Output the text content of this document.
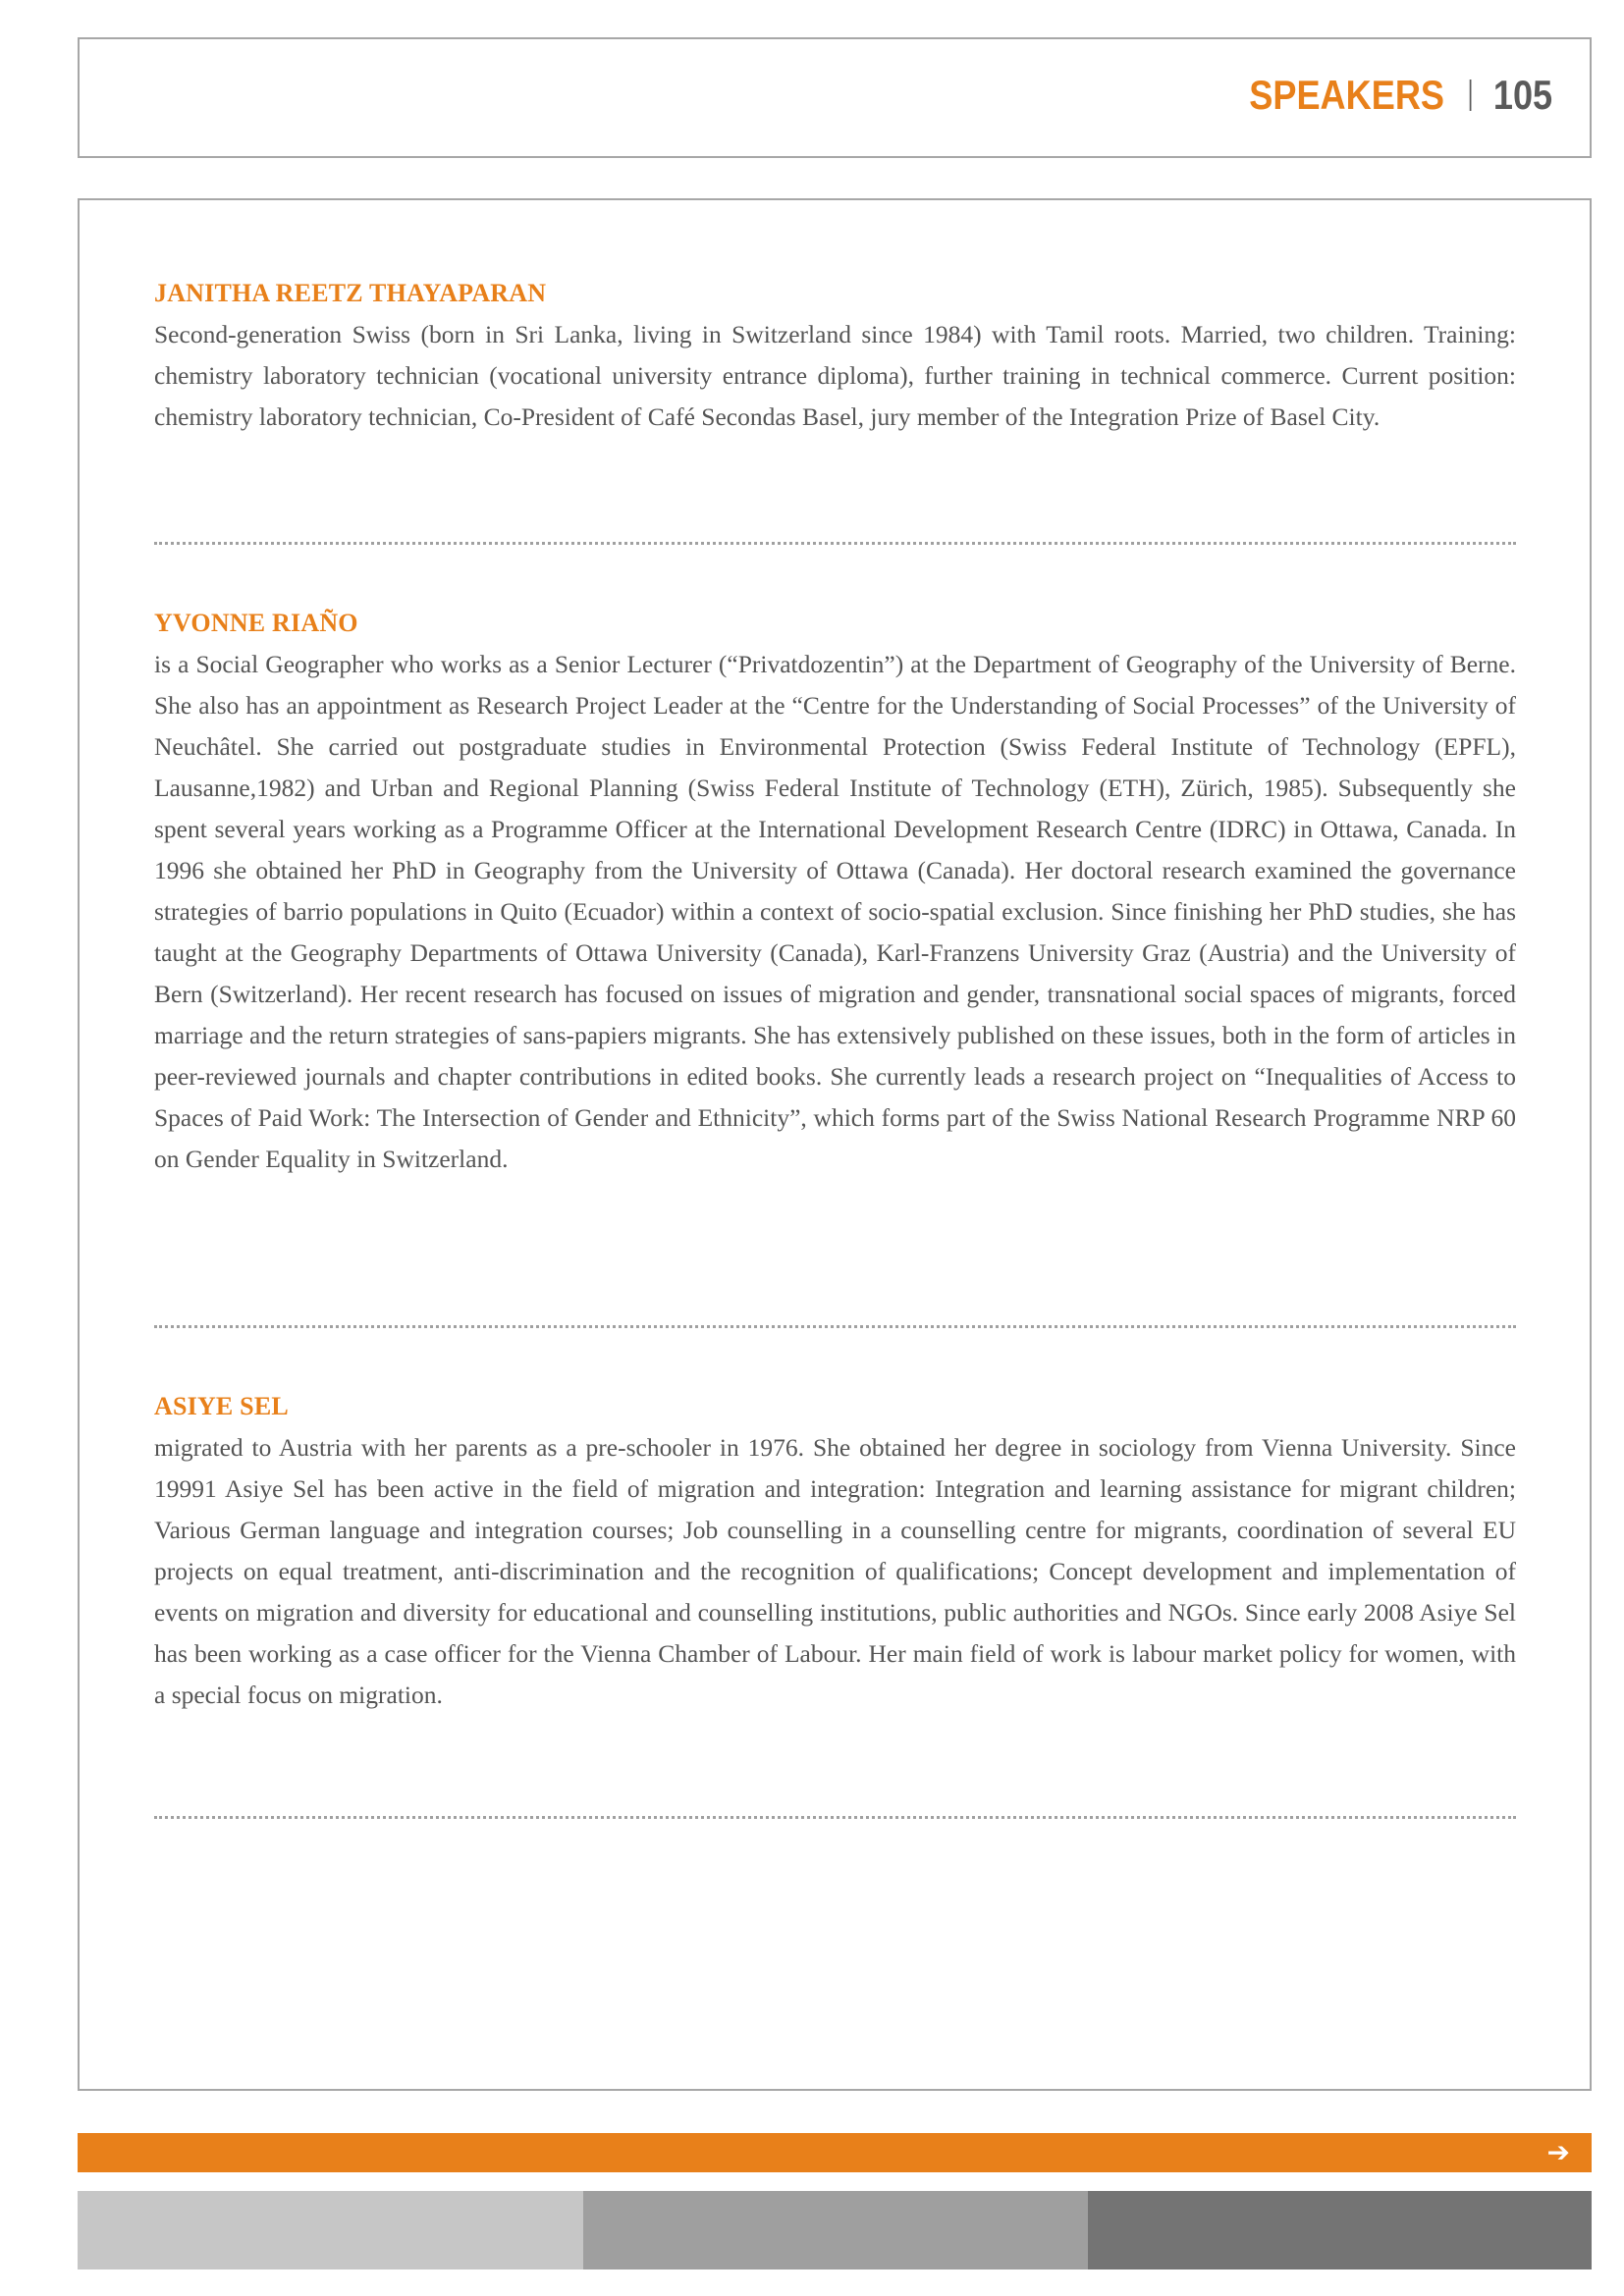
SPEAKERS 105
JANITHA REETZ THAYAPARAN

Second-generation Swiss (born in Sri Lanka, living in Switzerland since 1984) with Tamil roots. Married, two children. Training: chemistry laboratory technician (vocational university entrance diploma), further training in technical commerce. Current position: chemistry laboratory technician, Co-President of Café Secondas Basel, jury member of the Integration Prize of Basel City.

YVONNE RIAÑO

is a Social Geographer who works as a Senior Lecturer (“Privatdozentin”) at the Department of Geography of the University of Berne. She also has an appointment as Research Project Leader at the “Centre for the Understanding of Social Processes” of the University of Neuchâtel. She carried out postgraduate studies in Environmental Protection (Swiss Federal Institute of Technology (EPFL), Lausanne,1982) and Urban and Regional Planning (Swiss Federal Institute of Technology (ETH), Zürich, 1985). Subsequently she spent several years working as a Programme Officer at the International Development Research Centre (IDRC) in Ottawa, Canada. In 1996 she obtained her PhD in Geography from the University of Ottawa (Canada). Her doctoral research examined the governance strategies of barrio populations in Quito (Ecuador) within a context of socio-spatial exclusion. Since finishing her PhD studies, she has taught at the Geography Departments of Ottawa University (Canada), Karl-Franzens University Graz (Austria) and the University of Bern (Switzerland). Her recent research has focused on issues of migration and gender, transnational social spaces of migrants, forced marriage and the return strategies of sans-papiers migrants. She has extensively published on these issues, both in the form of articles in peer-reviewed journals and chapter contributions in edited books. She currently leads a research project on “Inequalities of Access to Spaces of Paid Work: The Intersection of Gender and Ethnicity”, which forms part of the Swiss National Research Programme NRP 60 on Gender Equality in Switzerland.

ASIYE SEL

migrated to Austria with her parents as a pre-schooler in 1976. She obtained her degree in sociology from Vienna University. Since 19991 Asiye Sel has been active in the field of migration and integration: Integration and learning assistance for migrant children; Various German language and integration courses; Job counselling in a counselling centre for migrants, coordination of several EU projects on equal treatment, anti-discrimination and the recognition of qualifications; Concept development and implementation of events on migration and diversity for educational and counselling institutions, public authorities and NGOs. Since early 2008 Asiye Sel has been working as a case officer for the Vienna Chamber of Labour. Her main field of work is labour market policy for women, with a special focus on migration.

➔
